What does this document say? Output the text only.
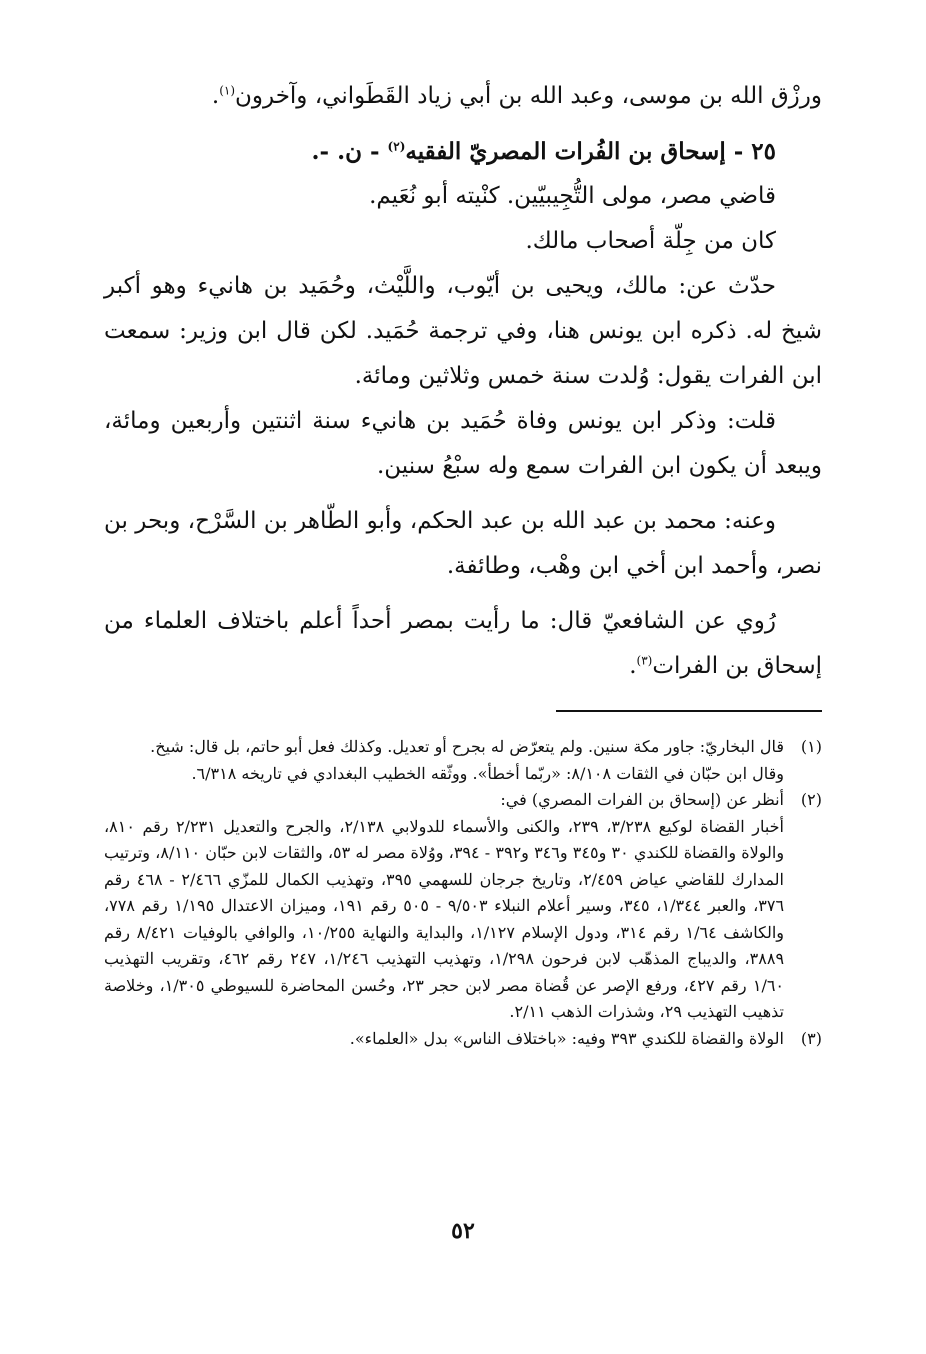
ورزْق الله بن موسى، وعبد الله بن أبي زياد القَطَواني، وآخرون$^{(١)}$.

٢٥ - إسحاق بن الفُرات المصريّ الفقيه$^{(٢)}$ - ن. -.

قاضي مصر، مولى التُّجِيبيّين. كنْيته أبو نُعَيم.

كان من جِلّة أصحاب مالك.

حدّث عن: مالك، ويحيى بن أيّوب، واللَّيْث، وحُمَيد بن هانيء وهو أكبر شيخ له. ذكره ابن يونس هنا، وفي ترجمة حُمَيد. لكن قال ابن وزير: سمعت ابن الفرات يقول: وُلدت سنة خمس وثلاثين ومائة.

قلت: وذكر ابن يونس وفاة حُمَيد بن هانيء سنة اثنتين وأربعين ومائة، ويبعد أن يكون ابن الفرات سمع وله سبْعُ سنين.

وعنه: محمد بن عبد الله بن عبد الحكم، وأبو الطّاهر بن السَّرْح، وبحر بن نصر، وأحمد ابن أخي ابن وهْب، وطائفة.

رُوي عن الشافعيّ قال: ما رأيت بمصر أحداً أعلم باختلاف العلماء من إسحاق بن الفرات$^{(٣)}$.

(١)

قال البخاريّ: جاور مكة سنين. ولم يتعرّض له بجرح أو تعديل. وكذلك فعل أبو حاتم، بل قال: شيخ.

وقال ابن حبّان في الثقات ٨/١٠٨: «ربّما أخطأ». ووثّقه الخطيب البغدادي في تاريخه ٦/٣١٨.

(٢)

أنظر عن (إسحاق بن الفرات المصري) في:

أخبار القضاة لوكيع ٣/٢٣٨، ٢٣٩، والكنى والأسماء للدولابي ٢/١٣٨، والجرح والتعديل ٢/٢٣١ رقم ٨١٠، والولاة والقضاة للكندي ٣٠ و٣٤٥ و٣٤٦ و٣٩٢ - ٣٩٤، ووُلاة مصر له ٥٣، والثقات لابن حبّان ٨/١١٠، وترتيب المدارك للقاضي عياض ٢/٤٥٩، وتاريخ جرجان للسهمي ٣٩٥، وتهذيب الكمال للمزّي ٢/٤٦٦ - ٤٦٨ رقم ٣٧٦، والعبر ١/٣٤٤، ٣٤٥، وسير أعلام النبلاء ٩/٥٠٣ - ٥٠٥ رقم ١٩١، وميزان الاعتدال ١/١٩٥ رقم ٧٧٨، والكاشف ١/٦٤ رقم ٣١٤، ودول الإسلام ١/١٢٧، والبداية والنهاية ١٠/٢٥٥، والوافي بالوفيات ٨/٤٢١ رقم ٣٨٨٩، والديباج المذهّب لابن فرحون ١/٢٩٨، وتهذيب التهذيب ١/٢٤٦، ٢٤٧ رقم ٤٦٢، وتقريب التهذيب ١/٦٠ رقم ٤٢٧، ورفع الإصر عن قُضاة مصر لابن حجر ٢٣، وحُسن المحاضرة للسيوطي ١/٣٠٥، وخلاصة تذهيب التهذيب ٢٩، وشذرات الذهب ٢/١١.

(٣)

الولاة والقضاة للكندي ٣٩٣ وفيه: «باختلاف الناس» بدل «العلماء».

٥٢
